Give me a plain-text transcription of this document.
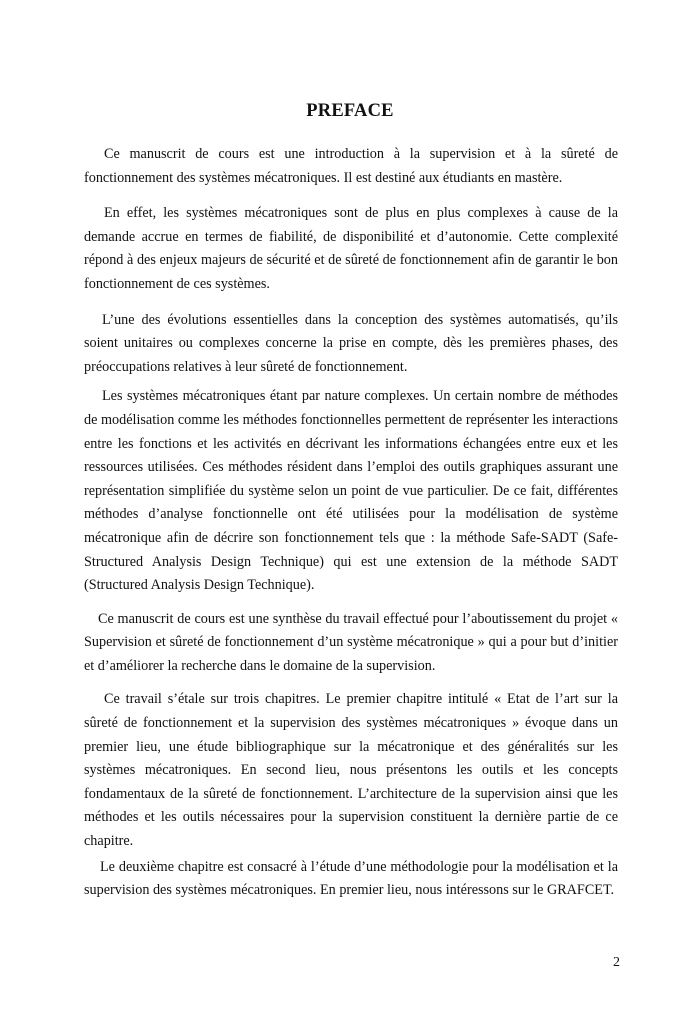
PREFACE

Ce manuscrit de cours est une introduction à la supervision et à la sûreté de fonctionnement des systèmes mécatroniques. Il est destiné aux étudiants en mastère.

En effet, les systèmes mécatroniques sont de plus en plus complexes à cause de la demande accrue en termes de fiabilité, de disponibilité et d’autonomie. Cette complexité répond à des enjeux majeurs de sécurité et de sûreté de fonctionnement afin de garantir le bon fonctionnement de ces systèmes.

L’une des évolutions essentielles dans la conception des systèmes automatisés, qu’ils soient unitaires ou complexes concerne la prise en compte, dès les premières phases, des préoccupations relatives à leur sûreté de fonctionnement.

Les systèmes mécatroniques étant par nature complexes. Un certain nombre de méthodes de modélisation comme les méthodes fonctionnelles permettent de représenter les interactions entre les fonctions et les activités en décrivant les informations échangées entre eux et les ressources utilisées. Ces méthodes résident dans l’emploi des outils graphiques assurant une représentation simplifiée du système selon un point de vue particulier. De ce fait, différentes méthodes d’analyse fonctionnelle ont été utilisées pour la modélisation de système mécatronique afin de décrire son fonctionnement tels que : la méthode Safe-SADT (Safe-Structured Analysis Design Technique) qui est une extension de la méthode SADT (Structured Analysis Design Technique).

Ce manuscrit de cours est une synthèse du travail effectué pour l’aboutissement du projet « Supervision et sûreté de fonctionnement d’un système mécatronique » qui a pour but d’initier et d’améliorer la recherche dans le domaine de la supervision.

Ce travail s’étale sur trois chapitres. Le premier chapitre intitulé « Etat de l’art sur la sûreté de fonctionnement et la supervision des systèmes mécatroniques » évoque dans un premier lieu, une étude bibliographique sur la mécatronique et des généralités sur les systèmes mécatroniques. En second lieu, nous présentons les outils et les concepts fondamentaux de la sûreté de fonctionnement. L’architecture de la supervision ainsi que les méthodes et les outils nécessaires pour la supervision constituent la dernière partie de ce chapitre.

Le deuxième chapitre est consacré à l’étude d’une méthodologie pour la modélisation et la supervision des systèmes mécatroniques. En premier lieu, nous intéressons sur le GRAFCET.

2
